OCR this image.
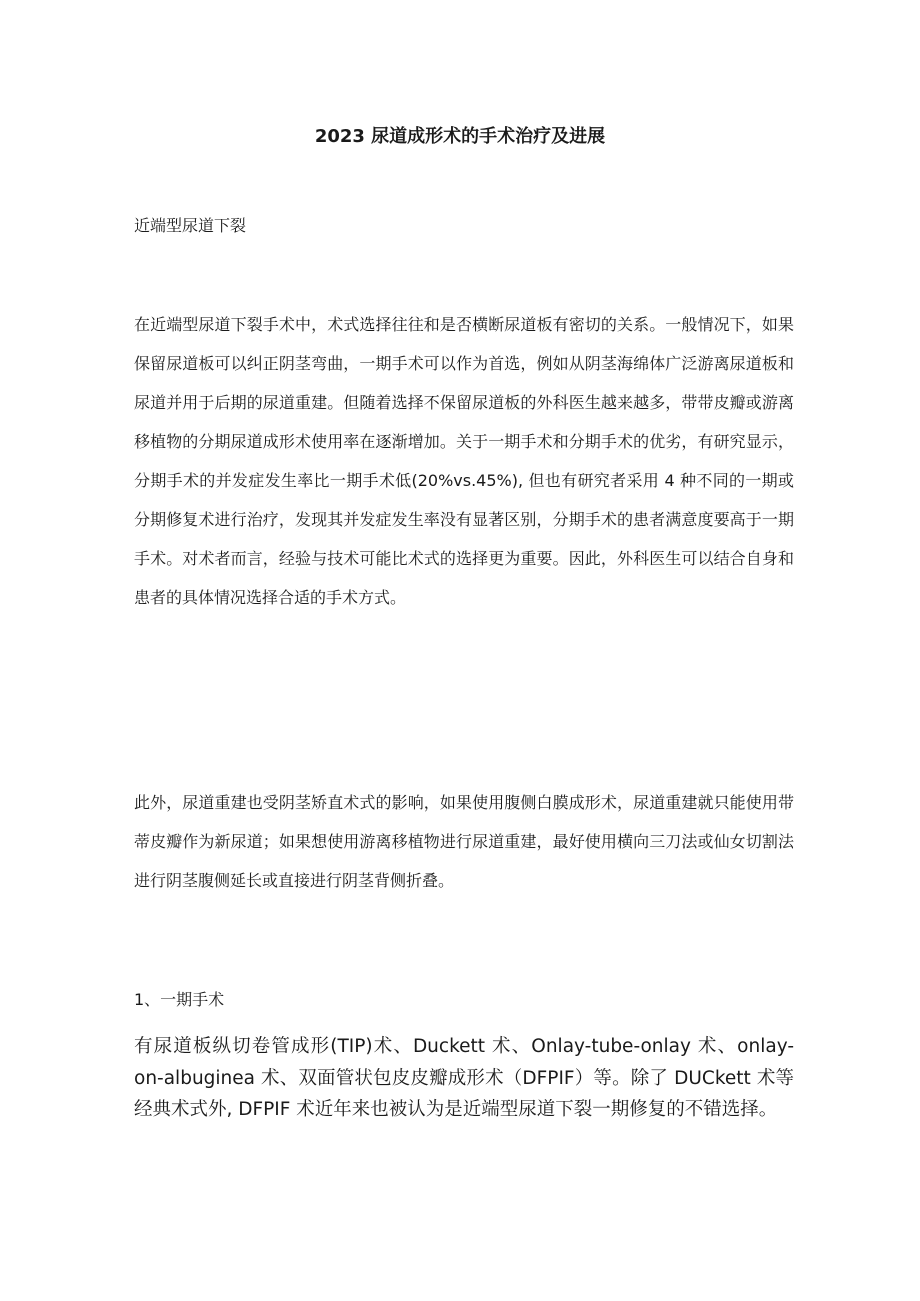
2023 尿道成形术的手术治疗及进展

近端型尿道下裂

在近端型尿道下裂手术中，术式选择往往和是否横断尿道板有密切的关系。一般情况下，如果保留尿道板可以纠正阴茎弯曲，一期手术可以作为首选，例如从阴茎海绵体广泛游离尿道板和尿道并用于后期的尿道重建。但随着选择不保留尿道板的外科医生越来越多，带带皮瓣或游离移植物的分期尿道成形术使用率在逐渐增加。关于一期手术和分期手术的优劣，有研究显示，分期手术的并发症发生率比一期手术低(20%vs.45%), 但也有研究者采用 4 种不同的一期或分期修复术进行治疗，发现其并发症发生率没有显著区别，分期手术的患者满意度要高于一期手术。对术者而言，经验与技术可能比术式的选择更为重要。因此，外科医生可以结合自身和患者的具体情况选择合适的手术方式。

此外，尿道重建也受阴茎矫直术式的影响，如果使用腹侧白膜成形术，尿道重建就只能使用带蒂皮瓣作为新尿道；如果想使用游离移植物进行尿道重建，最好使用横向三刀法或仙女切割法进行阴茎腹侧延长或直接进行阴茎背侧折叠。

1、一期手术

有尿道板纵切卷管成形(TIP)术、Duckett 术、Onlay-tube-onlay 术、onlay-on-albuginea 术、双面管状包皮皮瓣成形术（DFPIF）等。除了 DUCkett 术等经典术式外, DFPIF 术近年来也被认为是近端型尿道下裂一期修复的不错选择。
